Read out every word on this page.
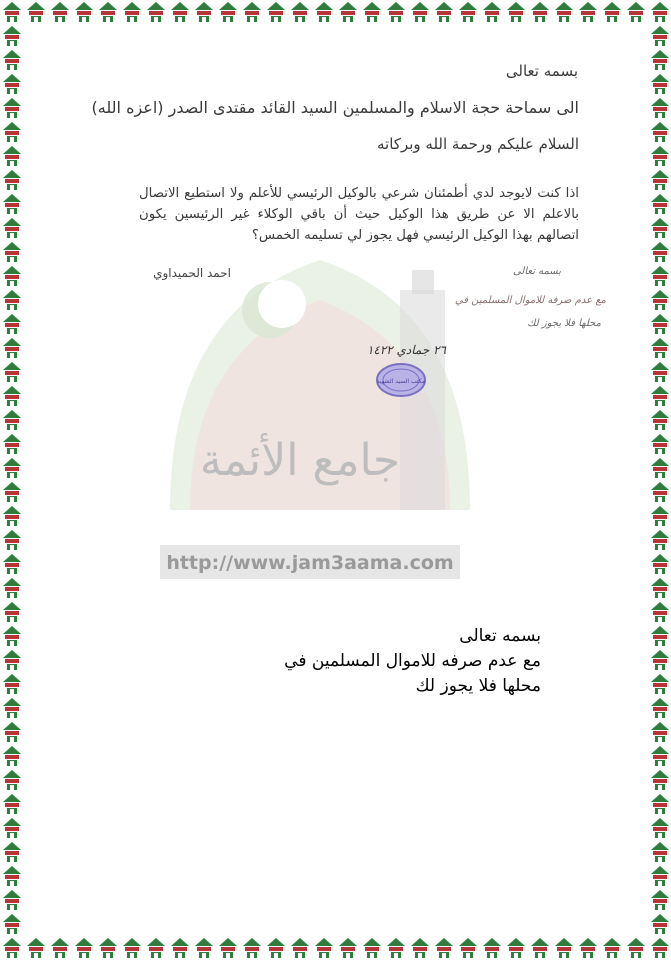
جامع الأئمة
http://www.jam3aama.com
بسمه تعالى
الى سماحة حجة الاسلام والمسلمين السيد القائد مقتدى الصدر (اعزه الله)
السلام عليكم ورحمة الله وبركاته
اذا كنت لايوجد لدي أطمئنان شرعي بالوكيل الرئيسي للأعلم ولا استطيع الاتصال بالاعلم الا عن طريق هذا الوكيل حيث أن باقي الوكلاء غير الرئيسين يكون اتصالهم بهذا الوكيل الرئيسي فهل يجوز لي تسليمه الخمس؟
احمد الحميداوي	بسمه تعالى
مع عدم صرفه للاموال المسلمين في
محلها فلا يجوز لك
٢٦ جمادي ١٤٢٢
مكتب السيد الشهيد
بسمه تعالى
مع عدم صرفه للاموال المسلمين في
محلها فلا يجوز لك
